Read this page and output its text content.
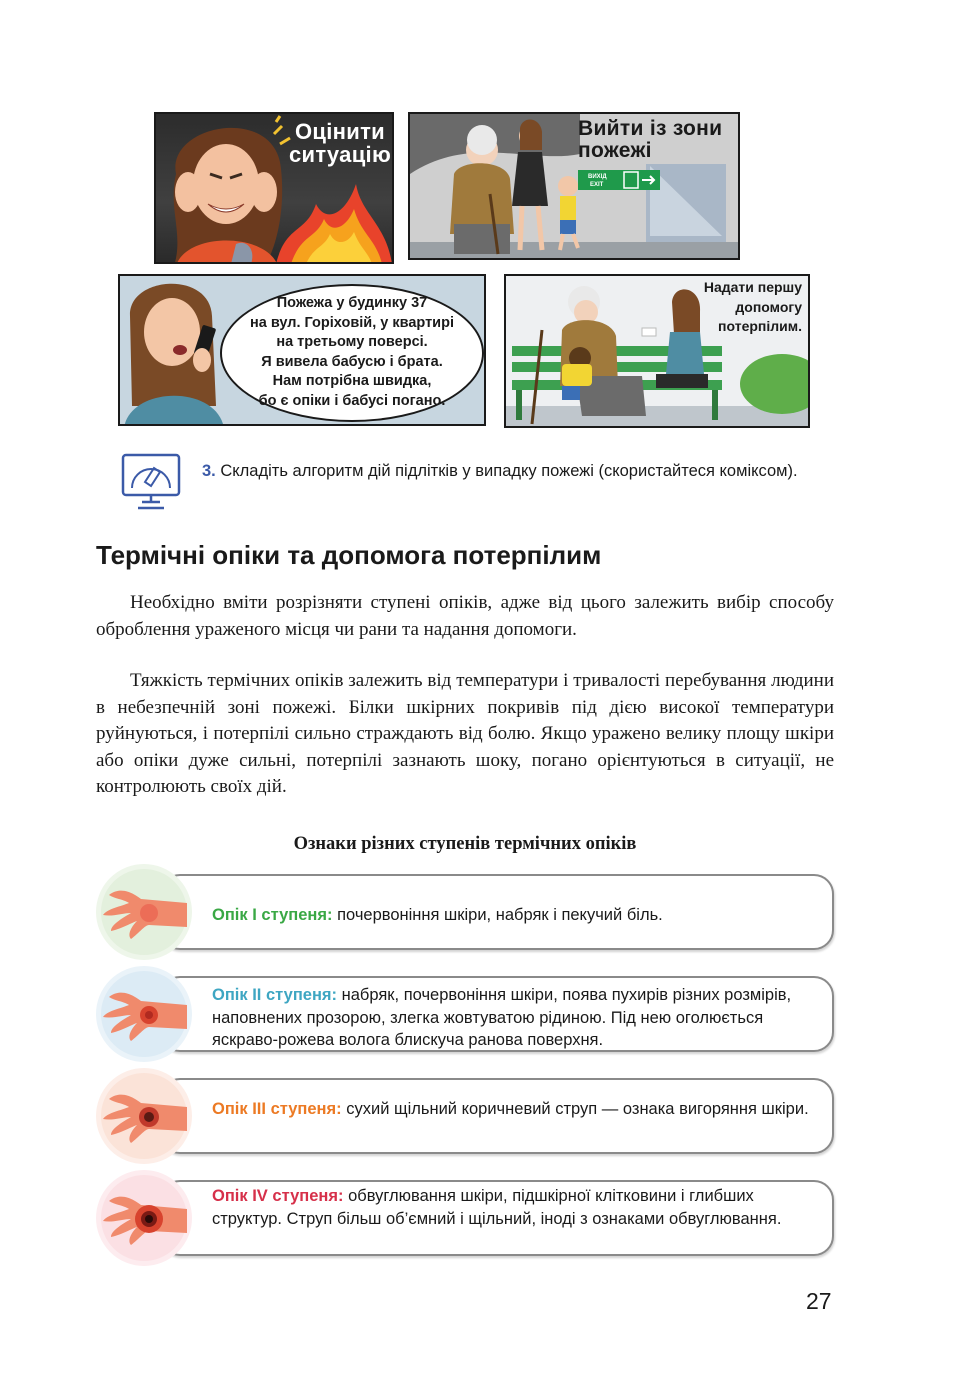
Оцінити ситуацію
ВИХІД
EXIT
Вийти із зони пожежі
Пожежа у будинку 37
на вул. Горіховій, у квартирі
на третьому поверсі.
Я вивела бабусю і брата.
Нам потрібна швидка,
бо є опіки і бабусі погано.
Надати першу
допомогу
потерпілим.
3. Складіть алгоритм дій підлітків у випадку пожежі (скористайтеся коміксом).
Термічні опіки та допомога потерпілим
Необхідно вміти розрізняти ступені опіків, адже від цього залежить вибір способу оброблення ураженого місця чи рани та надання допомоги.
Тяжкість термічних опіків залежить від температури і тривалості перебування людини в небезпечній зоні пожежі. Білки шкірних покривів під дією високої температури руйнуються, і потерпілі сильно страждають від болю. Якщо уражено велику площу шкіри або опіки дуже сильні, потерпілі зазнають шоку, погано орієнтуються в ситуації, не контролюють своїх дій.
Ознаки різних ступенів термічних опіків
Опік I ступеня: почервоніння шкіри, набряк і пекучий біль.
Опік II ступеня: набряк, почервоніння шкіри, поява пухирів різних розмірів, наповнених прозорою, злегка жовтуватою рідиною. Під нею оголюється яскраво-рожева волога блискуча ранова поверхня.
Опік III ступеня: сухий щільний коричневий струп — ознака вигоряння шкіри.
Опік IV ступеня: обвуглювання шкіри, підшкірної клітковини і глибших структур. Струп більш об’ємний і щільний, іноді з ознаками обвуглювання.
27
